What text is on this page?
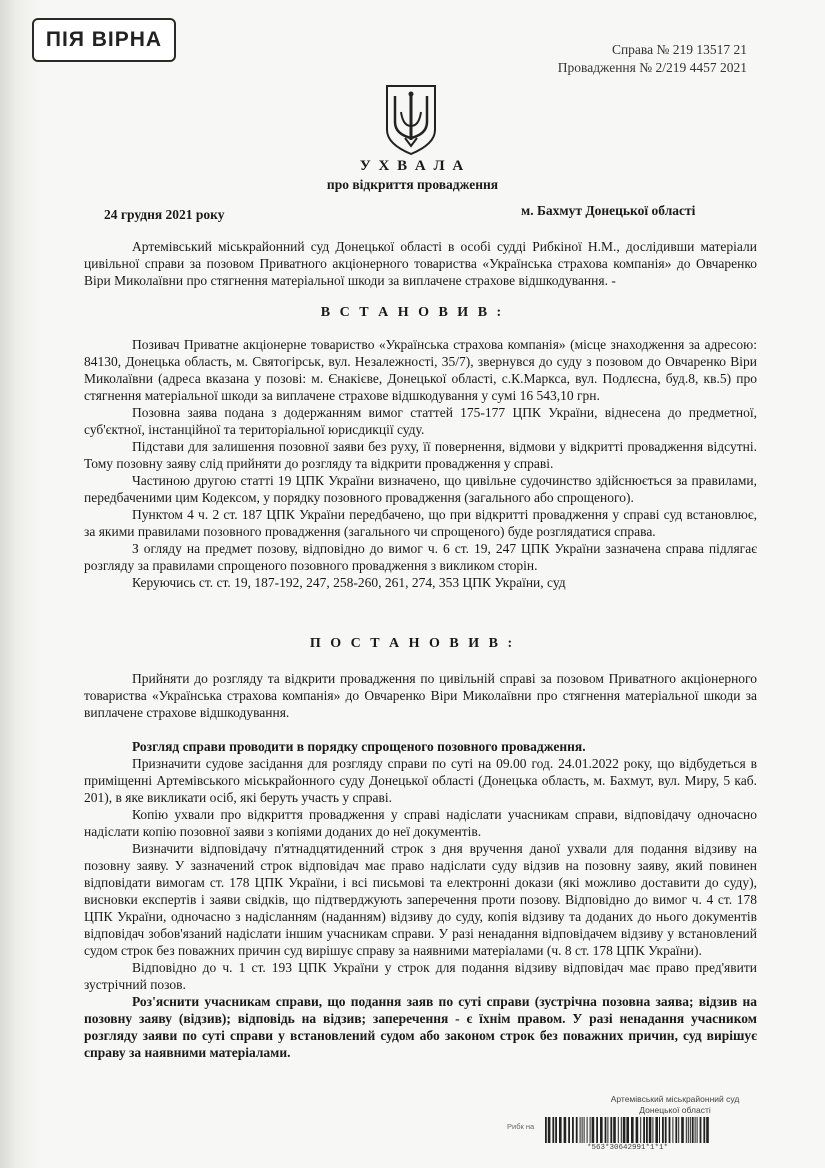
ПІЯ ВІРНА	Справа № 219 13517 21
Провадження № 2/219 4457 2021
У Х В А Л А
про відкриття провадження
24 грудня 2021 року	м. Бахмут Донецької області

Артемівський міськрайонний суд Донецької області в особі судді Рибкіної Н.М., дослідивши матеріали цивільної справи за позовом Приватного акціонерного товариства «Українська страхова компанія» до Овчаренко Віри Миколаївни про стягнення матеріальної шкоди за виплачене страхове відшкодування. -

В С Т А Н О В И В :

Позивач Приватне акціонерне товариство «Українська страхова компанія» (місце знаходження за адресою: 84130, Донецька область, м. Святогірськ, вул. Незалежності, 35/7), звернувся до суду з позовом до Овчаренко Віри Миколаївни (адреса вказана у позові: м. Єнакієве, Донецької області, с.К.Маркса, вул. Подлєсна, буд.8, кв.5) про стягнення матеріальної шкоди за виплачене страхове відшкодування у сумі 16 543,10 грн.

Позовна заява подана з додержанням вимог статтей 175-177 ЦПК України, віднесена до предметної, суб'єктної, інстанційної та територіальної юрисдикції суду.

Підстави для залишення позовної заяви без руху, її повернення, відмови у відкритті провадження відсутні. Тому позовну заяву слід прийняти до розгляду та відкрити провадження у справі.

Частиною другою статті 19 ЦПК України визначено, що цивільне судочинство здійснюється за правилами, передбаченими цим Кодексом, у порядку позовного провадження (загального або спрощеного).

Пунктом 4 ч. 2 ст. 187 ЦПК України передбачено, що при відкритті провадження у справі суд встановлює, за якими правилами позовного провадження (загального чи спрощеного) буде розглядатися справа.

З огляду на предмет позову, відповідно до вимог ч. 6 ст. 19, 247 ЦПК України зазначена справа підлягає розгляду за правилами спрощеного позовного провадження з викликом сторін.

Керуючись ст. ст. 19, 187-192, 247, 258-260, 261, 274, 353 ЦПК України, суд

П О С Т А Н О В И В :

Прийняти до розгляду та відкрити провадження по цивільній справі за позовом Приватного акціонерного товариства «Українська страхова компанія» до Овчаренко Віри Миколаївни про стягнення матеріальної шкоди за виплачене страхове відшкодування.

Розгляд справи проводити в порядку спрощеного позовного провадження.

Призначити судове засідання для розгляду справи по суті на 09.00 год. 24.01.2022 року, що відбудеться в приміщенні Артемівського міськрайонного суду Донецької області (Донецька область, м. Бахмут, вул. Миру, 5 каб. 201), в яке викликати осіб, які беруть участь у справі.

Копію ухвали про відкриття провадження у справі надіслати учасникам справи, відповідачу одночасно надіслати копію позовної заяви з копіями доданих до неї документів.

Визначити відповідачу п'ятнадцятиденний строк з дня вручення даної ухвали для подання відзиву на позовну заяву. У зазначений строк відповідач має право надіслати суду відзив на позовну заяву, який повинен відповідати вимогам ст. 178 ЦПК України, і всі письмові та електронні докази (які можливо доставити до суду), висновки експертів і заяви свідків, що підтверджують заперечення проти позову. Відповідно до вимог ч. 4 ст. 178 ЦПК України, одночасно з надісланням (наданням) відзиву до суду, копія відзиву та доданих до нього документів відповідач зобов'язаний надіслати іншим учасникам справи. У разі ненадання відповідачем відзиву у встановлений судом строк без поважних причин суд вирішує справу за наявними матеріалами (ч. 8 ст. 178 ЦПК України).

Відповідно до ч. 1 ст. 193 ЦПК України у строк для подання відзиву відповідач має право пред'явити зустрічний позов.

Роз'яснити учасникам справи, що подання заяв по суті справи (зустрічна позовна заява; відзив на позовну заяву (відзив); відповідь на відзив; заперечення - є їхнім правом. У разі ненадання учасником розгляду заяви по суті справи у встановлений судом або законом строк без поважних причин, суд вирішує справу за наявними матеріалами.

Артемівський міськрайонний суд
Донецької області
Рибк на
*563*30642991*1*1*
